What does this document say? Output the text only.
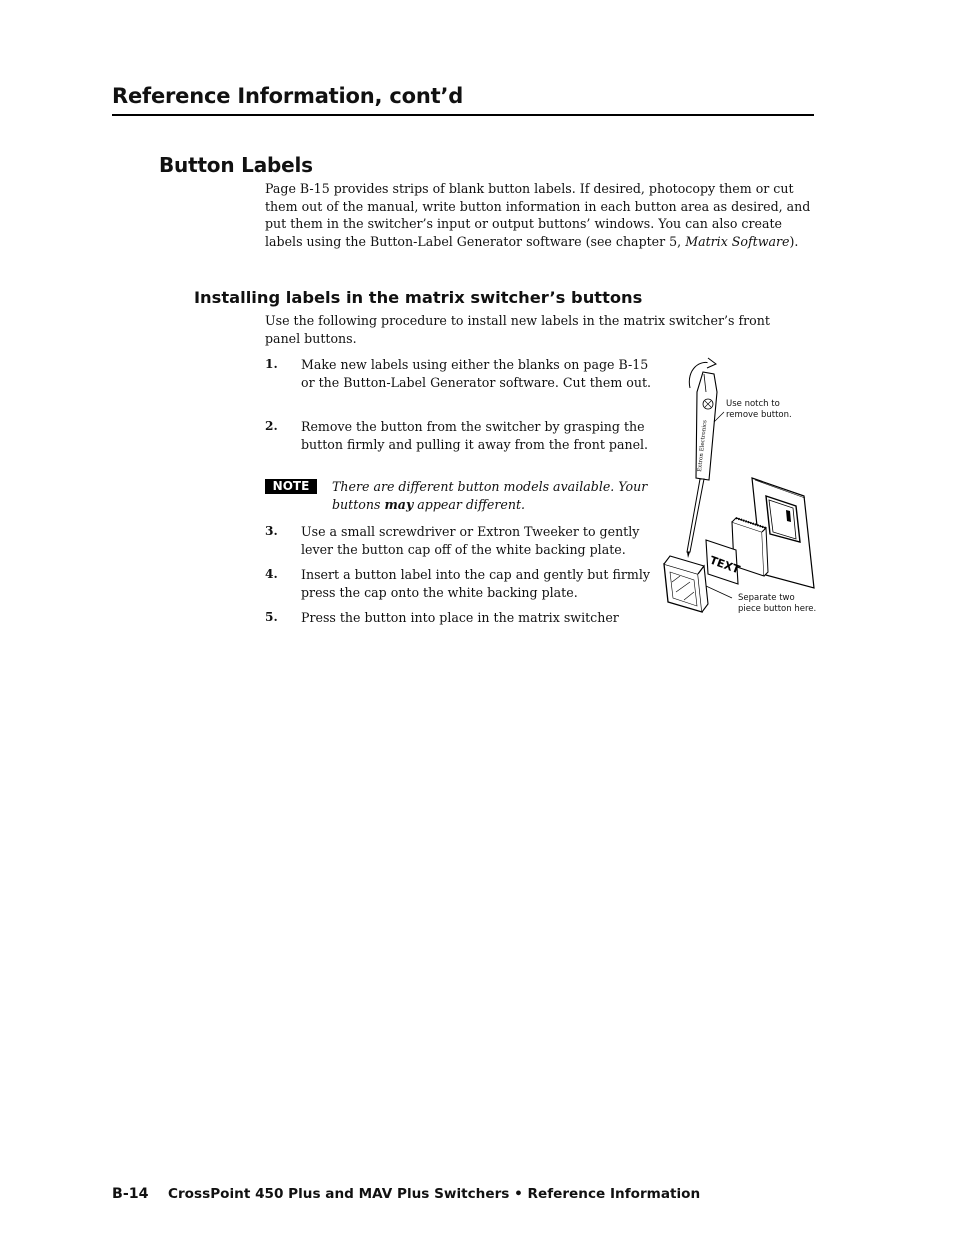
Reference Information, cont’d
Button Labels
Page B-15 provides strips of blank button labels. If desired, photocopy them or cut them out of the manual, write button information in each button area as desired, and put them in the switcher’s input or output buttons’ windows. You can also create labels using the Button-Label Generator software (see chapter 5, Matrix Software).
Installing labels in the matrix switcher’s buttons
Use the following procedure to install new labels in the matrix switcher’s front panel buttons.
1. Make new labels using either the blanks on page B-15 or the Button-Label Generator software. Cut them out.
2. Remove the button from the switcher by grasping the button firmly and pulling it away from the front panel.
NOTE	There are different button models available. Your buttons may appear different.
3. Use a small screwdriver or Extron Tweeker to gently lever the button cap off of the white backing plate.
4. Insert a button label into the cap and gently but firmly press the cap onto the white backing plate.
5. Press the button into place in the matrix switcher
Extron Electronics
TEXT
Use notch to
remove button.
Separate two
piece button here.
B-14 CrossPoint 450 Plus and MAV Plus Switchers • Reference Information
